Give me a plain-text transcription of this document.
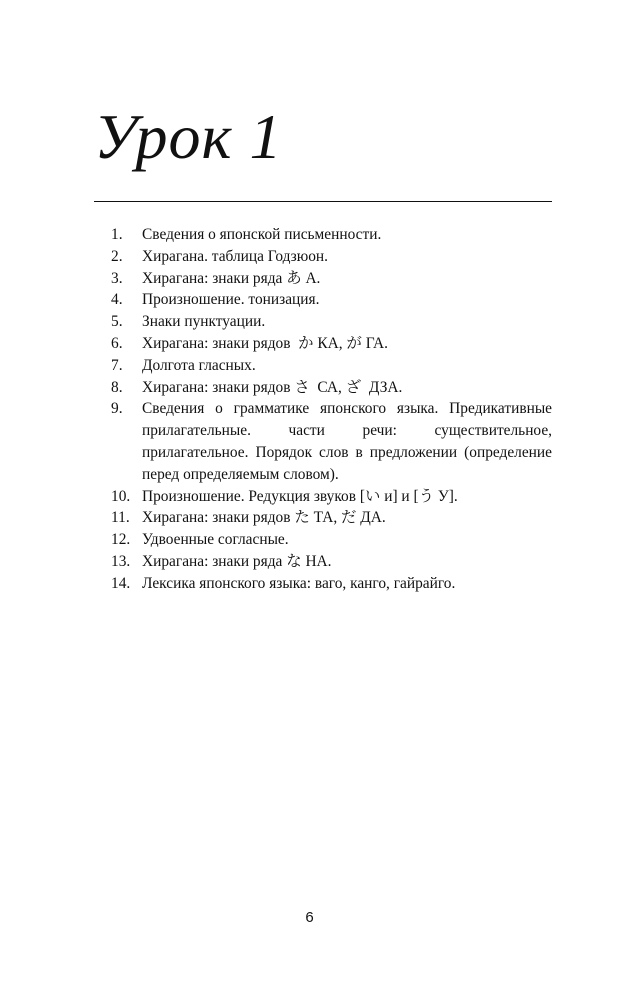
Урок 1
1.	Сведения о японской письменности.
2.	Хирагана. таблица Годзюон.
3.	Хирагана: знаки ряда あ А.
4.	Произношение. тонизация.
5.	Знаки пунктуации.
6.	Хирагана: знаки рядов  か КА, が ГА.
7.	Долгота гласных.
8.	Хирагана: знаки рядов さ  СА, ざ  ДЗА.
9.	Сведения о грамматике японского языка. Предикативные прилагательные. части речи: существительное, прилагательное. Порядок слов в предложении (определение перед определяемым словом).
10. Произношение. Редукция звуков [い и] и [う У].
11. Хирагана: знаки рядов た ТА, だ ДА.
12. Удвоенные согласные.
13. Хирагана: знаки ряда な НА.
14. Лексика японского языка: ваго, канго, гайрайго.
6
